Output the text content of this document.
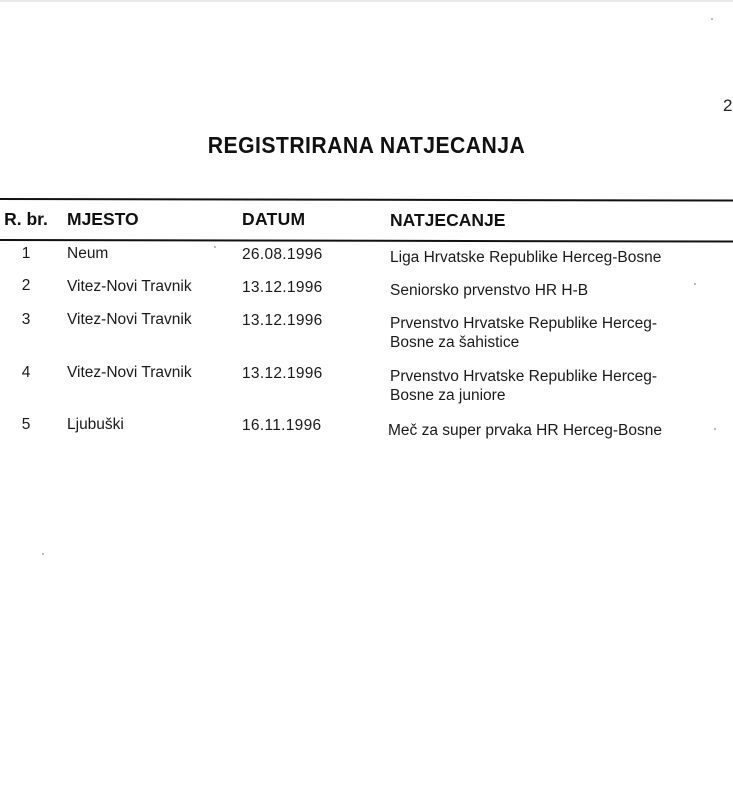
2
REGISTRIRANA NATJECANJA
R. br. MJESTO	DATUM	NATJECANJE
1	Neum	26.08.1996	Liga Hrvatske Republike Herceg-Bosne
2	Vitez-Novi Travnik	13.12.1996	Seniorsko prvenstvo HR H-B
3	Vitez-Novi Travnik	13.12.1996	Prvenstvo Hrvatske Republike Herceg-
Bosne za šahistice
4	Vitez-Novi Travnik	13.12.1996	Prvenstvo Hrvatske Republike Herceg-
Bosne za juniore
5	Ljubuški	16.11.1996	Meč za super prvaka HR Herceg-Bosne
